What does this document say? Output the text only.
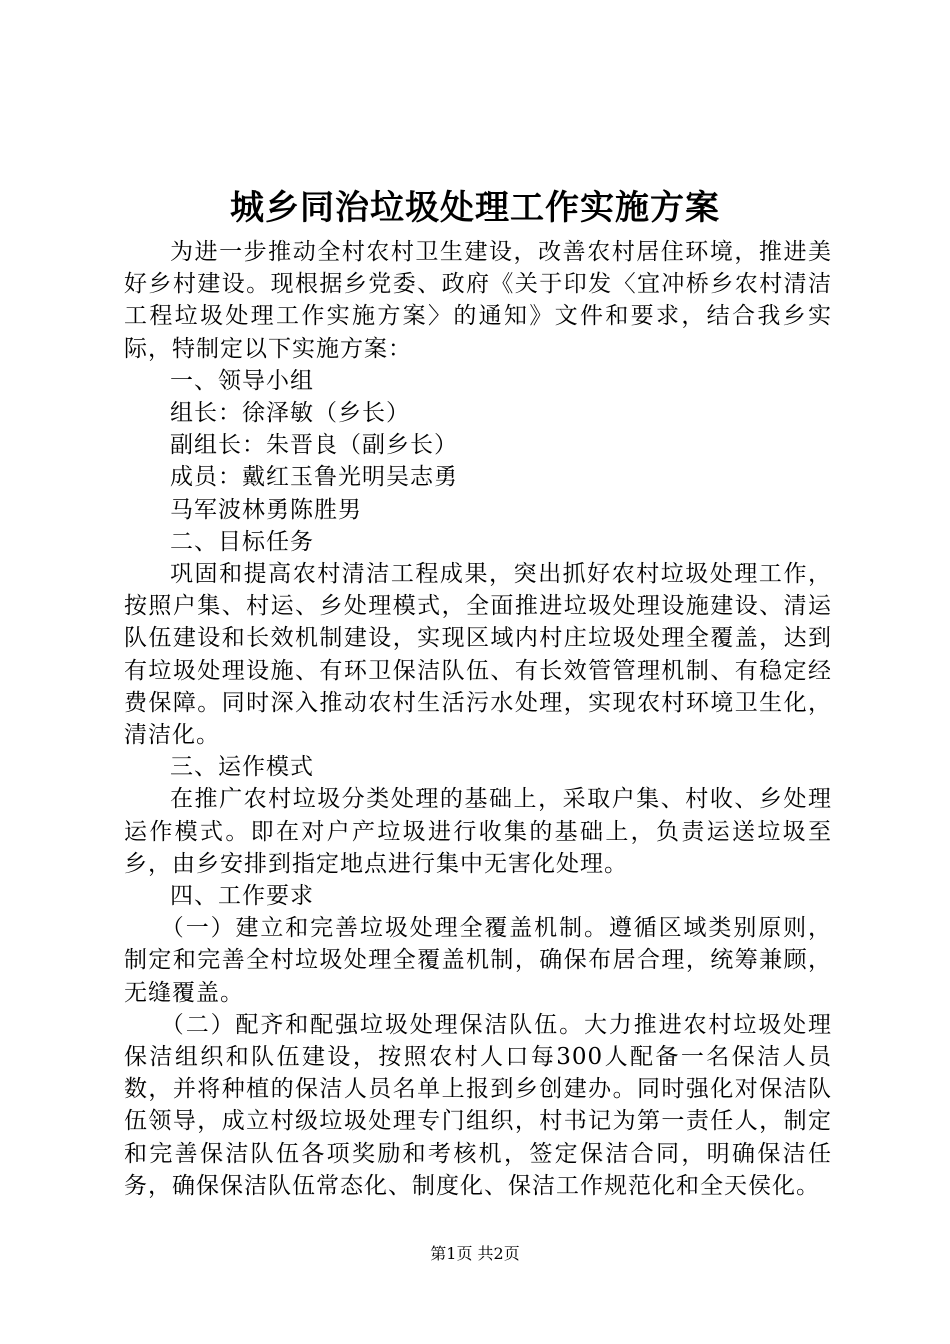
城乡同治垃圾处理工作实施方案

为进一步推动全村农村卫生建设，改善农村居住环境，推进美好乡村建设。现根据乡党委、政府《关于印发〈宜冲桥乡农村清洁工程垃圾处理工作实施方案〉的通知》文件和要求，结合我乡实际，特制定以下实施方案：

一、领导小组

组长：徐泽敏（乡长）

副组长：朱晋良（副乡长）

成员：戴红玉鲁光明吴志勇

马军波林勇陈胜男

二、目标任务

巩固和提高农村清洁工程成果，突出抓好农村垃圾处理工作，按照户集、村运、乡处理模式，全面推进垃圾处理设施建设、清运队伍建设和长效机制建设，实现区域内村庄垃圾处理全覆盖，达到有垃圾处理设施、有环卫保洁队伍、有长效管管理机制、有稳定经费保障。同时深入推动农村生活污水处理，实现农村环境卫生化，清洁化。

三、运作模式

在推广农村垃圾分类处理的基础上，采取户集、村收、乡处理运作模式。即在对户产垃圾进行收集的基础上，负责运送垃圾至乡，由乡安排到指定地点进行集中无害化处理。

四、工作要求

（一）建立和完善垃圾处理全覆盖机制。遵循区域类别原则，制定和完善全村垃圾处理全覆盖机制，确保布居合理，统筹兼顾，无缝覆盖。

（二）配齐和配强垃圾处理保洁队伍。大力推进农村垃圾处理保洁组织和队伍建设，按照农村人口每300人配备一名保洁人员数，并将种植的保洁人员名单上报到乡创建办。同时强化对保洁队伍领导，成立村级垃圾处理专门组织，村书记为第一责任人，制定和完善保洁队伍各项奖励和考核机，签定保洁合同，明确保洁任务，确保保洁队伍常态化、制度化、保洁工作规范化和全天侯化。

第1页 共2页
